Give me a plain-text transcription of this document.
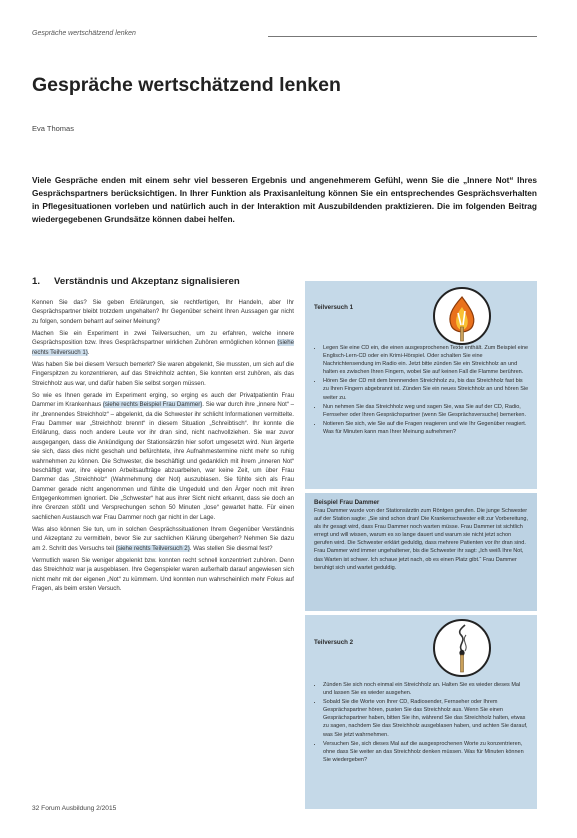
Gespräche wertschätzend lenken
Gespräche wertschätzend lenken
Eva Thomas
Viele Gespräche enden mit einem sehr viel besseren Ergebnis und angenehmerem Gefühl, wenn Sie die „Innere Not“ Ihres Gesprächspartners berücksichtigen. In Ihrer Funktion als Praxisanleitung können Sie ein entsprechendes Gesprächsverhalten in Pflegesituationen vorleben und natürlich auch in der Interaktion mit Auszubildenden praktizieren. Die im folgenden Beitrag wiedergegebenen Grundsätze können dabei helfen.
1. Verständnis und Akzeptanz signalisieren

Kennen Sie das? Sie geben Erklärungen, sie rechtfertigen, Ihr Handeln, aber Ihr Gesprächspartner bleibt trotzdem ungehalten? Ihr Gegenüber scheint Ihren Aussagen gar nicht zu folgen, sondern beharrt auf seiner Meinung?

Machen Sie ein Experiment in zwei Teilversuchen, um zu erfahren, welche innere Gesprächsposition bzw. Ihres Gesprächspartner wirklichen Zuhören ermöglichen können (siehe rechts Teilversuch 1).

Was haben Sie bei diesem Versuch bemerkt? Sie waren abgelenkt, Sie mussten, um sich auf die Fingerspitzen zu konzentrieren, auf das Streichholz achten, Sie konnten erst zuhören, als das Streichholz aus war, und dafür haben Sie selbst sorgen müssen.

So wie es Ihnen gerade im Experiment erging, so erging es auch der Privatpatientin Frau Dammer im Krankenhaus (siehe rechts Beispiel Frau Dammer). Sie war durch ihre „innere Not“ – ihr „brennendes Streichholz“ – abgelenkt, da die Schwester ihr schlicht Informationen vermittelte. Frau Dammer war „Streichholz brennt“ in diesem Situation „Schreibtisch“. Ihr konnte die Erklärung, dass noch andere Leute vor ihr dran sind, nicht nachvollziehen. Sie war zuvor ausgegangen, dass die Ankündigung der Stationsärztin hier sofort umgesetzt wird. Nun ärgerte sie sich, dass dies nicht geschah und befürchtete, ihre Aufnahmestermine nicht mehr so ruhig wahrnehmen zu können. Die Schwester, die beschäftigt und gedanklich mit ihrem „inneren Not“ beschäftigt war, ihre eigenen Arbeitsaufträge abzuarbeiten, war keine Zeit, um über Frau Dammer das „Streichholz“ (Wahrnehmung der Not) auszublasen. Sie fühlte sich als Frau Dammer gerade nicht angenommen und fühlte die Ungeduld und den Ärger noch mit ihren Entgegenkommen ignoriert. Die „Schwester“ hat aus ihrer Sicht nicht erkannt, dass sie doch an ihre Grenzen stößt und Versprechungen schon 50 Minuten „lose“ gewartet hatte. Für einen sachlichen Austausch war Frau Dammer noch gar nicht in der Lage.

Was also können Sie tun, um in solchen Gesprächssituationen Ihrem Gegenüber Verständnis und Akzeptanz zu vermitteln, bevor Sie zur sachlichen Klärung übergehen? Nehmen Sie dazu am 2. Schritt des Versuchs teil (siehe rechts Teilversuch 2). Was stellen Sie diesmal fest?

Vermutlich waren Sie weniger abgelenkt bzw. konnten recht schnell konzentriert zuhören. Denn das Streichholz war ja ausgeblasen. Ihre Gegenspieler waren außerhalb darauf angewiesen sich nicht mehr mit der eigenen „Not“ zu kümmern. Und konnten nun wahrscheinlich mehr Fokus auf Fragen, als beim ersten Versuch.

Teilversuch 1
• Legen Sie eine CD ein, die einen ausgesprochenen Texte enthält. Zum Beispiel eine Englisch-Lern-CD oder ein Krimi-Hörspiel. Oder schalten Sie eine Nachrichtensendung im Radio ein. Jetzt bitte zünden Sie ein Streichholz an und halten es zwischen Ihren Fingern, wobei Sie auf keinen Fall die Flamme berühren.
• Hören Sie der CD mit dem brennenden Streichholz zu, bis das Streichholz fast bis zu Ihren Fingern abgebrannt ist. Zünden Sie ein neues Streichholz an und hören Sie weiter zu.
• Nun nehmen Sie das Streichholz weg und sagen Sie, was Sie auf der CD, Radio, Fernseher oder Ihren Gesprächspartner (wenn Sie Gesprächsversuche) bemerken.
• Notieren Sie sich, wie Sie auf die Fragen reagieren und wie Ihr Gegenüber reagiert. Was für Minuten kann man Ihrer Meinung aufnehmen?
Beispiel Frau Dammer
Frau Dammer wurde von der Stationsärztin zum Röntgen gerufen. Die junge Schwester auf der Station sagte: „Sie sind schon dran! Die Krankenschwester eilt zur Vorbereitung, als ihr gesagt wird, dass Frau Dammer noch warten müsse. Frau Dammer ist sichtlich erregt und will wissen, warum es so lange dauert und warum sie nicht jetzt schon gerufen wird. Die Schwester erklärt geduldig, dass mehrere Patienten vor ihr dran sind. Frau Dammer wird immer ungehaltener, bis die Schwester ihr sagt: „Ich weiß Ihre Not, das Warten ist schwer. Ich schaue jetzt nach, ob es einen Platz gibt.“ Frau Dammer beruhigt sich und wartet geduldig.
Teilversuch 2
• Zünden Sie sich noch einmal ein Streichholz an. Halten Sie es wieder dieses Mal und lassen Sie es wieder ausgehen.
• Sobald Sie die Worte von Ihrer CD, Radiosender, Fernseher oder Ihrem Gesprächspartner hören, pusten Sie das Streichholz aus. Wenn Sie einen Gesprächspartner haben, bitten Sie ihn, während Sie das Streichholz halten, etwas zu sagen, nachdem Sie das Streichholz ausgeblasen haben, und achten Sie darauf, was Sie jetzt wahrnehmen.
• Versuchen Sie, sich dieses Mal auf die ausgesprochenen Worte zu konzentrieren, ohne dass Sie weiter an das Streichholz denken müssen. Was für Minuten können Sie wiedergeben?
32 Forum Ausbildung 2/2015
